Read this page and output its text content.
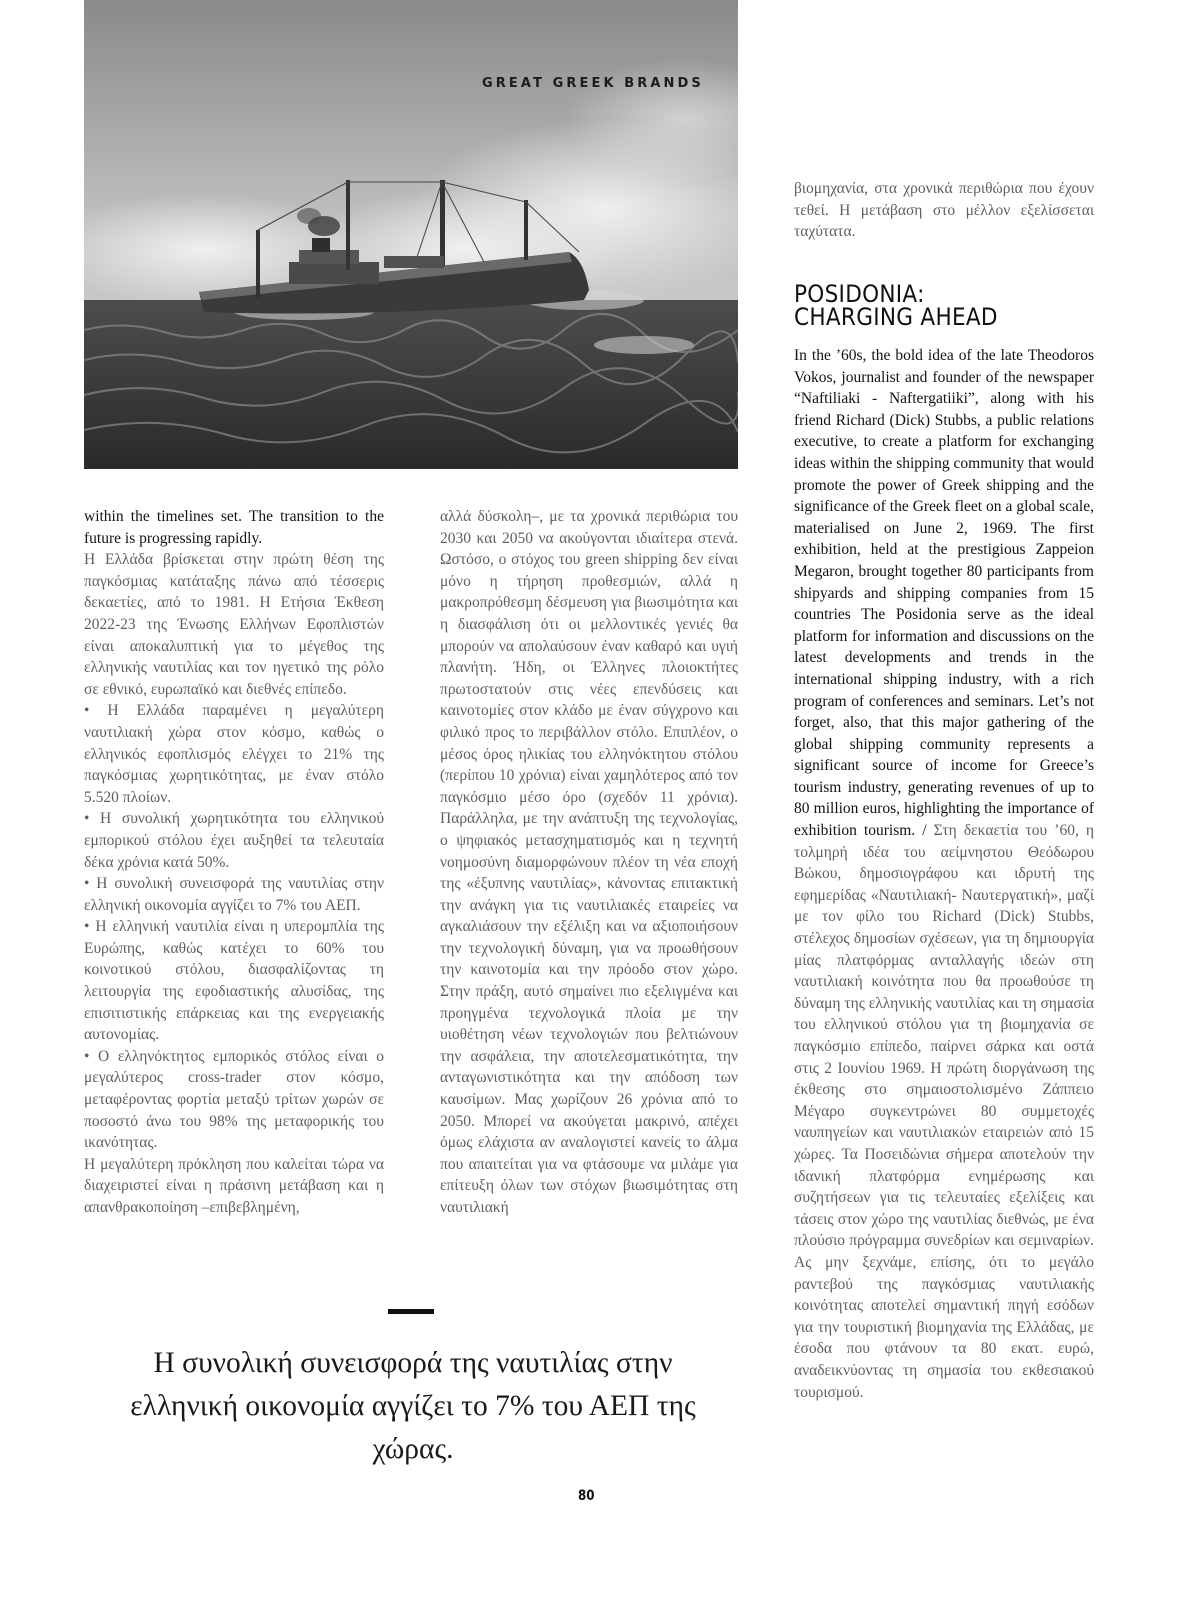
GREAT GREEK BRANDS

within the timelines set. The transition to the future is progressing rapidly.

Η Ελλάδα βρίσκεται στην πρώτη θέση της παγκόσμιας κατάταξης πάνω από τέσσερις δεκαετίες, από το 1981. Η Ετήσια Έκθεση 2022-23 της Ένωσης Ελλήνων Εφοπλιστών είναι αποκαλυπτική για το μέγεθος της ελληνικής ναυτιλίας και τον ηγετικό της ρόλο σε εθνικό, ευρωπαϊκό και διεθνές επίπεδο.

• Η Ελλάδα παραμένει η μεγαλύτερη ναυτιλιακή χώρα στον κόσμο, καθώς ο ελληνικός εφοπλισμός ελέγχει το 21% της παγκόσμιας χωρητικότητας, με έναν στόλο 5.520 πλοίων.

• Η συνολική χωρητικότητα του ελληνικού εμπορικού στόλου έχει αυξηθεί τα τελευταία δέκα χρόνια κατά 50%.

• Η συνολική συνεισφορά της ναυτιλίας στην ελληνική οικονομία αγγίζει το 7% του ΑΕΠ.

• Η ελληνική ναυτιλία είναι η υπερομπλία της Ευρώπης, καθώς κατέχει το 60% του κοινοτικού στόλου, διασφαλίζοντας τη λειτουργία της εφοδιαστικής αλυσίδας, της επισιτιστικής επάρκειας και της ενεργειακής αυτονομίας.

• Ο ελληνόκτητος εμπορικός στόλος είναι ο μεγαλύτερος cross-trader στον κόσμο, μεταφέροντας φορτία μεταξύ τρίτων χωρών σε ποσοστό άνω του 98% της μεταφορικής του ικανότητας.

Η μεγαλύτερη πρόκληση που καλείται τώρα να διαχειριστεί είναι η πράσινη μετάβαση και η απανθρακοποίηση –επιβεβλημένη,

αλλά δύσκολη–, με τα χρονικά περιθώρια του 2030 και 2050 να ακούγονται ιδιαίτερα στενά. Ωστόσο, ο στόχος του green shipping δεν είναι μόνο η τήρηση προθεσμιών, αλλά η μακροπρόθεσμη δέσμευση για βιωσιμότητα και η διασφάλιση ότι οι μελλοντικές γενιές θα μπορούν να απολαύσουν έναν καθαρό και υγιή πλανήτη. Ήδη, οι Έλληνες πλοιοκτήτες πρωτοστατούν στις νέες επενδύσεις και καινοτομίες στον κλάδο με έναν σύγχρονο και φιλικό προς το περιβάλλον στόλο. Επιπλέον, ο μέσος όρος ηλικίας του ελληνόκτητου στόλου (περίπου 10 χρόνια) είναι χαμηλότερος από τον παγκόσμιο μέσο όρο (σχεδόν 11 χρόνια). Παράλληλα, με την ανάπτυξη της τεχνολογίας, ο ψηφιακός μετασχηματισμός και η τεχνητή νοημοσύνη διαμορφώνουν πλέον τη νέα εποχή της «έξυπνης ναυτιλίας», κάνοντας επιτακτική την ανάγκη για τις ναυτιλιακές εταιρείες να αγκαλιάσουν την εξέλιξη και να αξιοποιήσουν την τεχνολογική δύναμη, για να προωθήσουν την καινοτομία και την πρόοδο στον χώρο. Στην πράξη, αυτό σημαίνει πιο εξελιγμένα και προηγμένα τεχνολογικά πλοία με την υιοθέτηση νέων τεχνολογιών που βελτιώνουν την ασφάλεια, την αποτελεσματικότητα, την ανταγωνιστικότητα και την απόδοση των καυσίμων. Μας χωρίζουν 26 χρόνια από το 2050. Μπορεί να ακούγεται μακρινό, απέχει όμως ελάχιστα αν αναλογιστεί κανείς το άλμα που απαιτείται για να φτάσουμε να μιλάμε για επίτευξη όλων των στόχων βιωσιμότητας στη ναυτιλιακή

βιομηχανία, στα χρονικά περιθώρια που έχουν τεθεί. Η μετάβαση στο μέλλον εξελίσσεται ταχύτατα.

POSIDONIA:
CHARGING AHEAD

In the ’60s, the bold idea of the late Theodoros Vokos, journalist and founder of the newspaper “Naftiliaki - Naftergatiiki”, along with his friend Richard (Dick) Stubbs, a public relations executive, to create a platform for exchanging ideas within the shipping community that would promote the power of Greek shipping and the significance of the Greek fleet on a global scale, materialised on June 2, 1969. The first exhibition, held at the prestigious Zappeion Megaron, brought together 80 participants from shipyards and shipping companies from 15 countries The Posidonia serve as the ideal platform for information and discussions on the latest developments and trends in the international shipping industry, with a rich program of conferences and seminars. Let’s not forget, also, that this major gathering of the global shipping community represents a significant source of income for Greece’s tourism industry, generating revenues of up to 80 million euros, highlighting the importance of exhibition tourism. / Στη δεκαετία του ’60, η τολμηρή ιδέα του αείμνηστου Θεόδωρου Βώκου, δημοσιογράφου και ιδρυτή της εφημερίδας «Ναυτιλιακή- Ναυτεργατική», μαζί με τον φίλο του Richard (Dick) Stubbs, στέλεχος δημοσίων σχέσεων, για τη δημιουργία μίας πλατφόρμας ανταλλαγής ιδεών στη ναυτιλιακή κοινότητα που θα προωθούσε τη δύναμη της ελληνικής ναυτιλίας και τη σημασία του ελληνικού στόλου για τη βιομηχανία σε παγκόσμιο επίπεδο, παίρνει σάρκα και οστά στις 2 Ιουνίου 1969. Η πρώτη διοργάνωση της έκθεσης στο σημαιοστολισμένο Ζάππειο Μέγαρο συγκεντρώνει 80 συμμετοχές ναυπηγείων και ναυτιλιακών εταιρειών από 15 χώρες. Τα Ποσειδώνια σήμερα αποτελούν την ιδανική πλατφόρμα ενημέρωσης και συζητήσεων για τις τελευταίες εξελίξεις και τάσεις στον χώρο της ναυτιλίας διεθνώς, με ένα πλούσιο πρόγραμμα συνεδρίων και σεμιναρίων. Ας μην ξεχνάμε, επίσης, ότι το μεγάλο ραντεβού της παγκόσμιας ναυτιλιακής κοινότητας αποτελεί σημαντική πηγή εσόδων για την τουριστική βιομηχανία της Ελλάδας, με έσοδα που φτάνουν τα 80 εκατ. ευρώ, αναδεικνύοντας τη σημασία του εκθεσιακού τουρισμού.

Η συνολική συνεισφορά της ναυτιλίας στην ελληνική οικονομία αγγίζει το 7% του ΑΕΠ της χώρας.

80
